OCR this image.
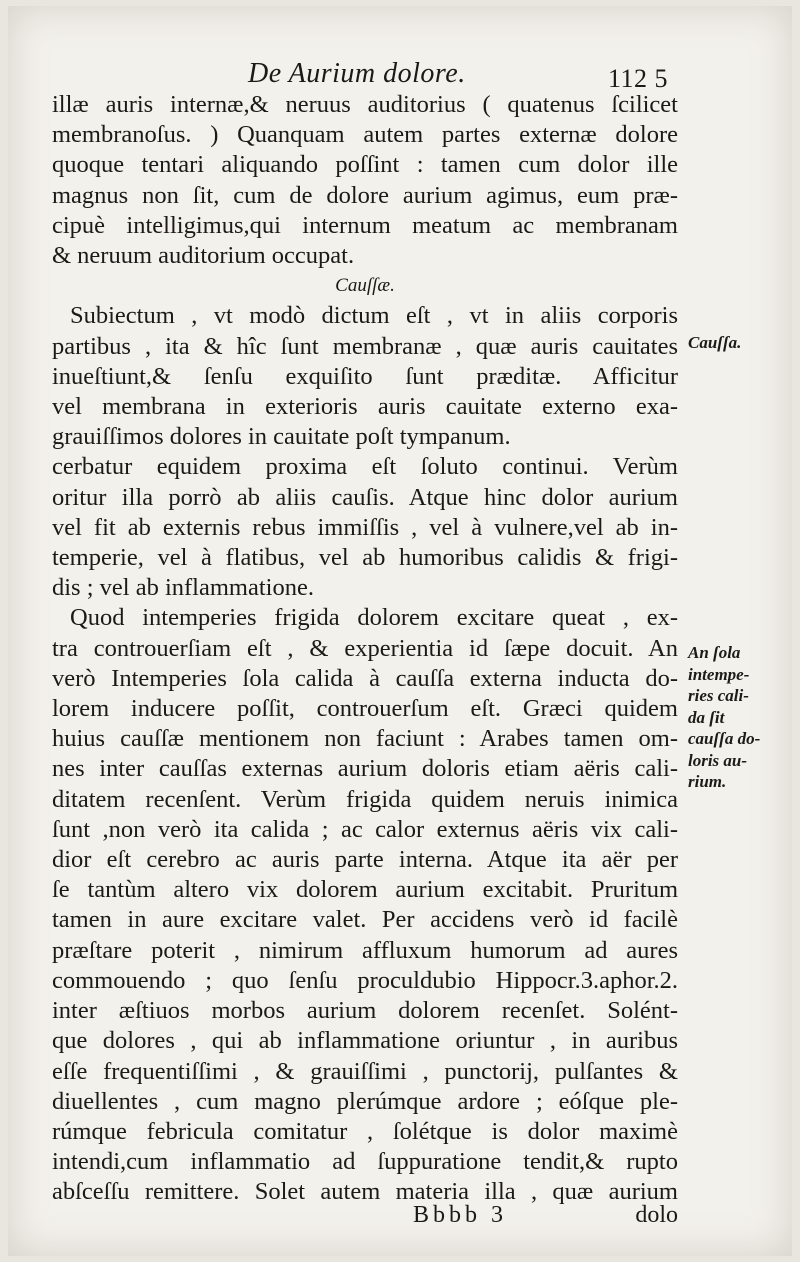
De Aurium dolore.	112 5
illæ auris internæ,& neruus auditorius ( quatenus ſcilicet
membranoſus. ) Quanquam autem partes externæ dolore
quoque tentari aliquando poſſint : tamen cum dolor ille
magnus non ſit, cum de dolore aurium agimus, eum præ-
cipuè intelligimus,qui internum meatum ac membranam
& neruum auditorium occupat.
Cauſſæ.
Subiectum , vt modò dictum eſt , vt in aliis corporis
partibus , ita & hîc ſunt membranæ , quæ auris cauitates
inueſtiunt,& ſenſu exquiſito ſunt præditæ. Afficitur
vel membrana in exterioris auris cauitate externo exa-
grauiſſimos dolores in cauitate poſt tympanum.
cerbatur equidem proxima eſt ſoluto continui. Verùm
oritur illa porrò ab aliis cauſis. Atque hinc dolor aurium
vel fit ab externis rebus immiſſis , vel à vulnere,vel ab in-
temperie, vel à flatibus, vel ab humoribus calidis & frigi-
dis ; vel ab inflammatione.
Quod intemperies frigida dolorem excitare queat , ex-
tra controuerſiam eſt , & experientia id ſæpe docuit. An
verò Intemperies ſola calida à cauſſa externa inducta do-
lorem inducere poſſit, controuerſum eſt. Græci quidem
huius cauſſæ mentionem non faciunt : Arabes tamen om-
nes inter cauſſas externas aurium doloris etiam aëris cali-
ditatem recenſent. Verùm frigida quidem neruis inimica
ſunt ,non verò ita calida ; ac calor externus aëris vix cali-
dior eſt cerebro ac auris parte interna. Atque ita aër per
ſe tantùm altero vix dolorem aurium excitabit. Pruritum
tamen in aure excitare valet. Per accidens verò id facilè
præſtare poterit , nimirum affluxum humorum ad aures
commouendo ; quo ſenſu proculdubio Hippocr.3.aphor.2.
inter æſtiuos morbos aurium dolorem recenſet. Solént-
que dolores , qui ab inflammatione oriuntur , in auribus
eſſe frequentiſſimi , & grauiſſimi , punctorij, pulſantes &
diuellentes , cum magno plerúmque ardore ; eóſque ple-
rúmque febricula comitatur , ſolétque is dolor maximè
intendi,cum inflammatio ad ſuppuratione tendit,& rupto
abſceſſu remittere. Solet autem materia illa , quæ aurium
Cauſſa.
An ſola
intempe-
ries cali-
da ſit
cauſſa do-
loris au-
rium.
Bbbb 3	dolo
